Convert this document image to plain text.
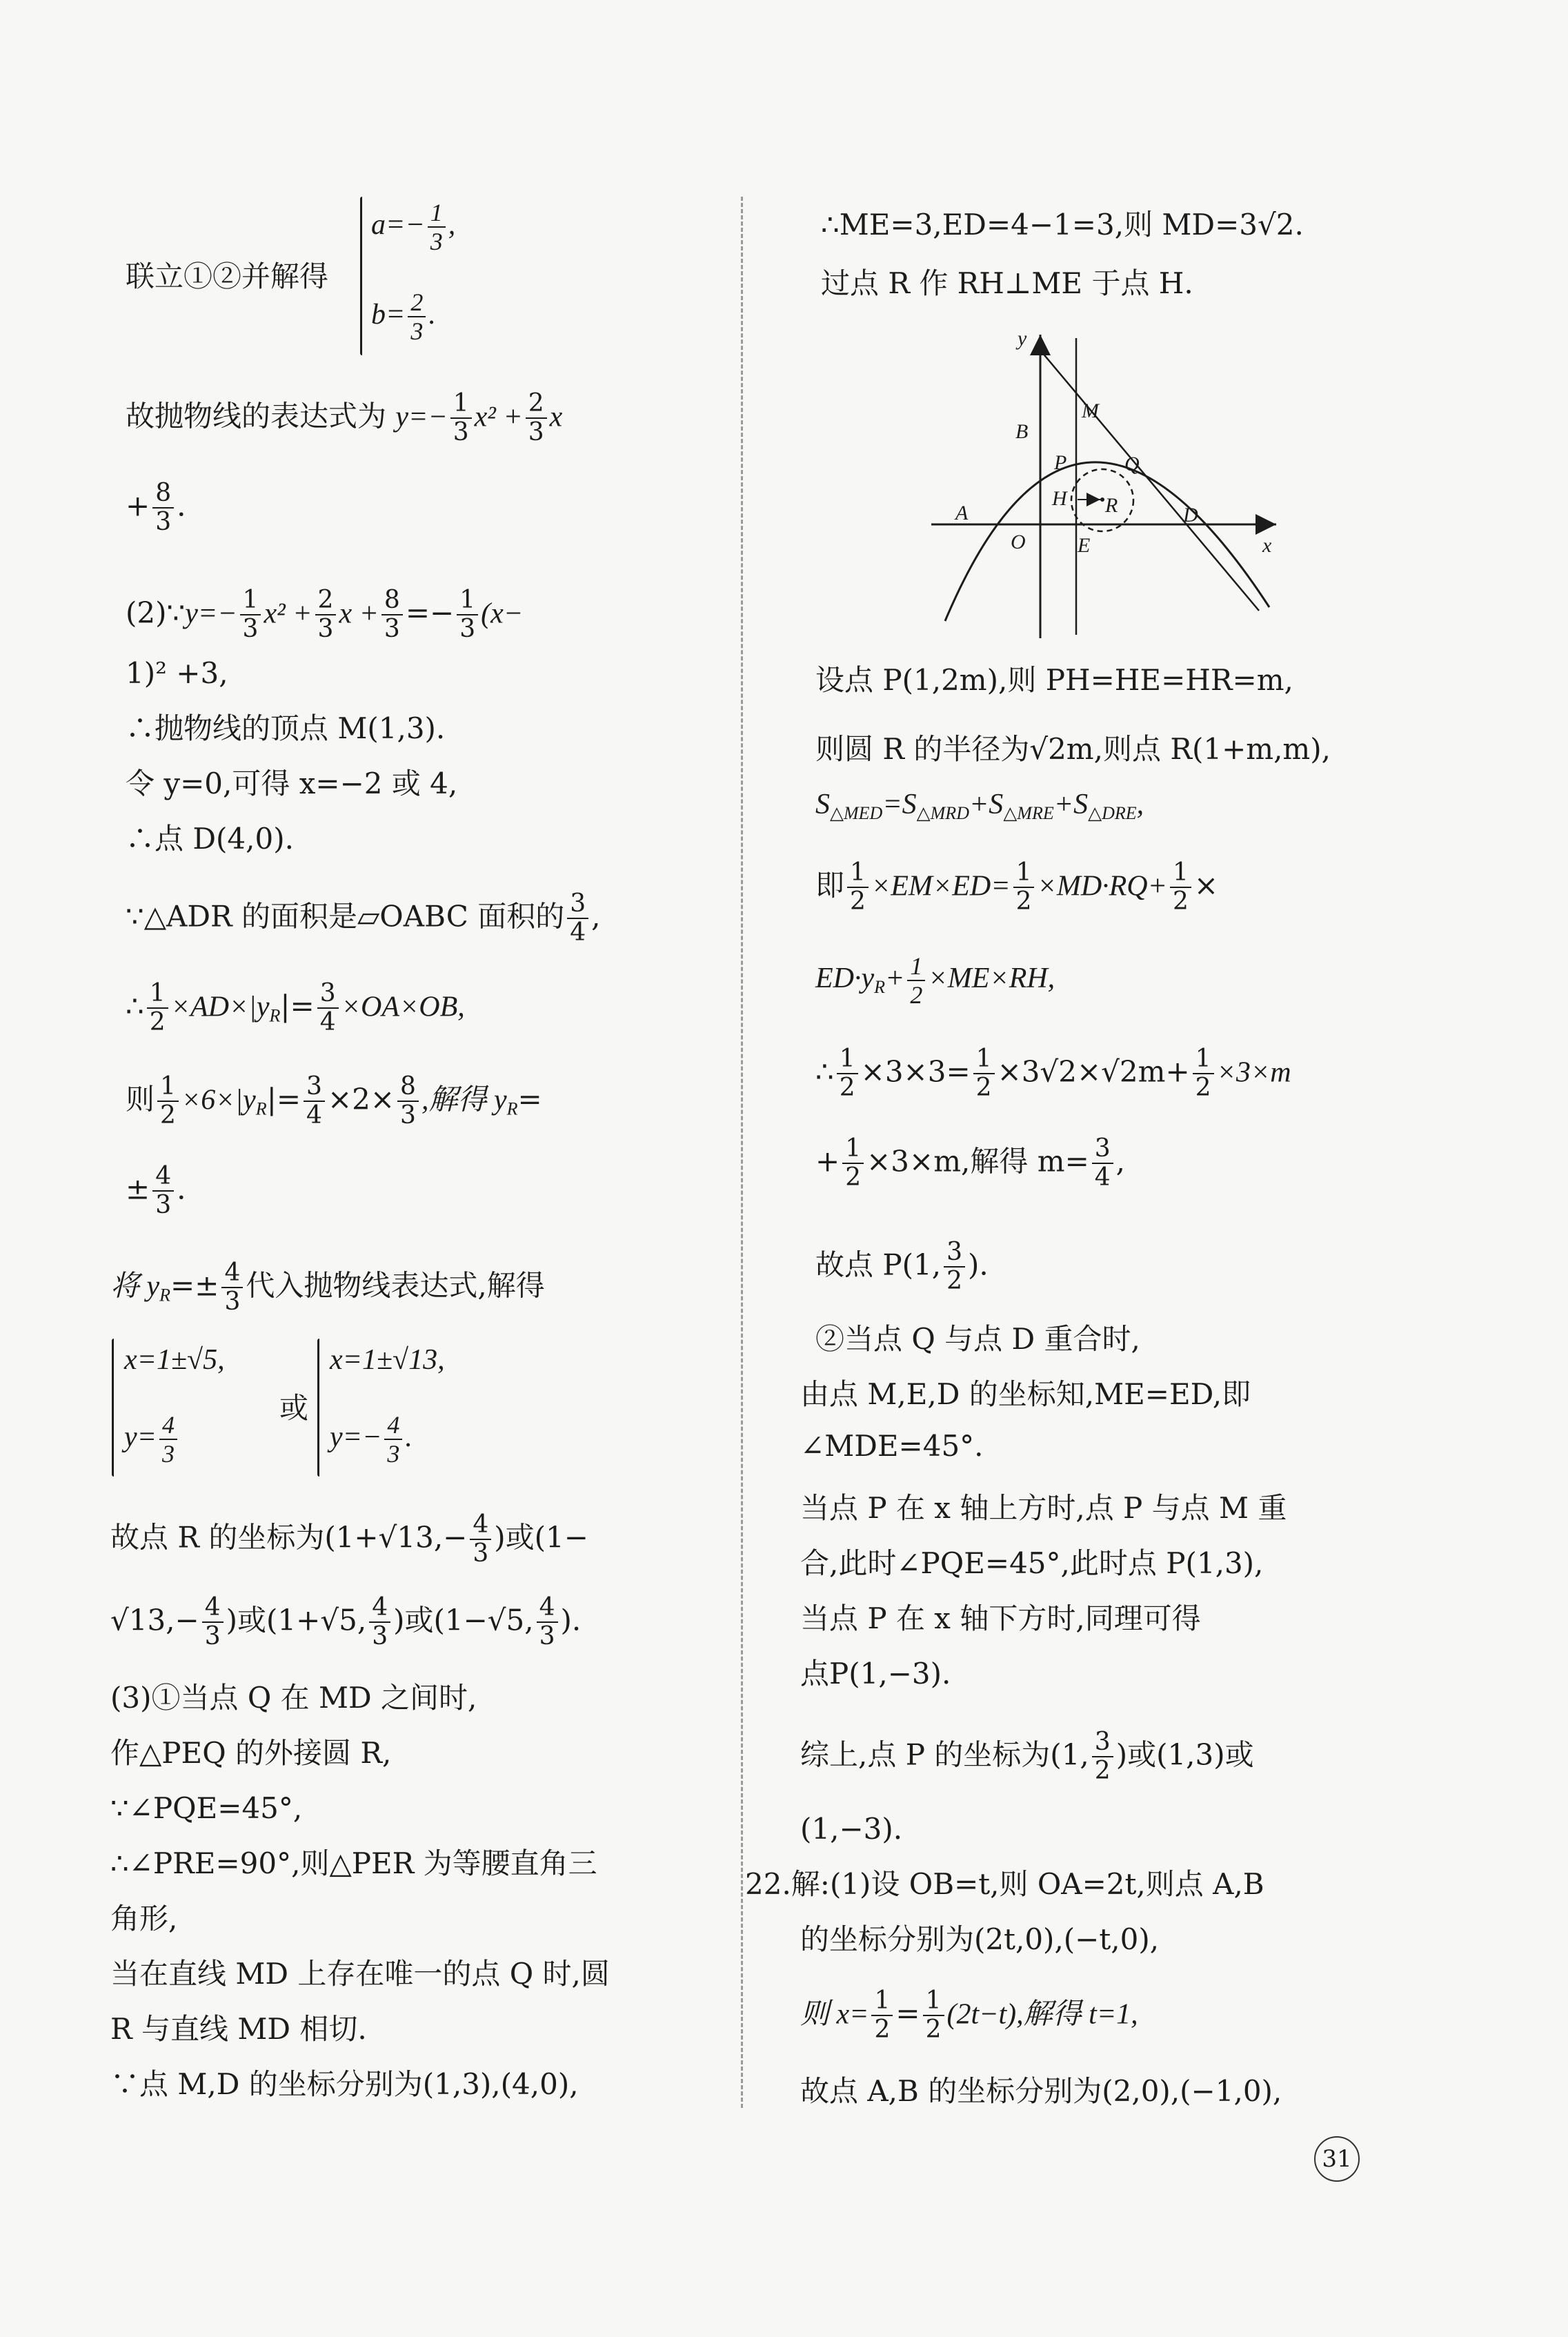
联立①②并解得
$a=- \frac{1}{3}$ ,
$b= \frac{2}{3}$ .
故抛物线的表达式为 $y=- \frac{1}{3} x^2 + \frac{2}{3}$ x
+ $\frac{8}{3}$ .
(2)∵y=− $\frac{1}{3} x^2 + \frac{2}{3}$ $x + \frac{8}{3} =- \frac{1}{3} (x-$
1)² +3,
∴抛物线的顶点 M(1,3).
令 y=0,可得 x=−2 或 4,
∴点 D(4,0).
∵△ADR 的面积是▱OABC 面积的 $\frac{3}{4}$ ,
∴ $\frac{1}{2} \times AD\times|y_R|= \frac{3}{4} \times OA\times OB$,
则 $\frac{1}{2} \times 6\times|y_R|= \frac{3}{4} \times 2\times \frac{8}{3}$ ,解得 $y_R=$
± $\frac{4}{3}$ .
将 $y_R=\pm \frac{4}{3}$ 代入抛物线表达式,解得
x=1±√5,
$y= \frac{4}{3}$
或
x=1±√13,
$y=- \frac{4}{3}$ .
故点 R 的坐标为($1+√13,- \frac{4}{3}$ )或(1−
$√13,- \frac{4}{3}$ )或(1+√5, $\frac{4}{3}$ )或(1−√5, $\frac{4}{3}$ ).
(3)①当点 Q 在 MD 之间时,
作△PEQ 的外接圆 R,
∵∠PQE=45°,
∴∠PRE=90°,则△PER 为等腰直角三
角形,
当在直线 MD 上存在唯一的点 Q 时,圆
R 与直线 MD 相切.
∵点 M,D 的坐标分别为(1,3),(4,0),
∴ME=3,ED=4−1=3,则 MD=3√2.
过点 R 作 RH⊥ME 于点 H.
y
x
M
B
P	Q
H R
A
O	E
D
设点 P(1,2m),则 PH=HE=HR=m,
则圆 R 的半径为√2m,则点 R(1+m,m),
$S_{\triangle MED}=S_{\triangle MRD}+S_{\triangle MRE}+S_{\triangle DRE}$,
即 $\frac{1}{2} \times EM\times ED= \frac{1}{2} \times MD\cdot RQ+ \frac{1}{2}$ ×
$ED\cdot y_R+ \frac{1}{2} \times ME\times RH$,
∴ $\frac{1}{2} \times 3\times 3= \frac{1}{2} \times 3√2\times√2m+ \frac{1}{2} \times 3\times m$
+ $\frac{1}{2} \times 3\times m$,解得 $m= \frac{3}{4}$ ,
故点 P(1, $\frac{3}{2}$ ).
②当点 Q 与点 D 重合时,
由点 M,E,D 的坐标知,ME=ED,即
∠MDE=45°.
当点 P 在 x 轴上方时,点 P 与点 M 重
合,此时∠PQE=45°,此时点 P(1,3),
当点 P 在 x 轴下方时,同理可得
点P(1,−3).
综上,点 P 的坐标为(1, $\frac{3}{2}$ )或(1,3)或
(1,−3).
22.解:(1)设 OB=t,则 OA=2t,则点 A,B
的坐标分别为(2t,0),(−t,0),
则 $x= \frac{1}{2} = \frac{1}{2} (2t-t)$,解得 t=1,
故点 A,B 的坐标分别为(2,0),(−1,0),
31
